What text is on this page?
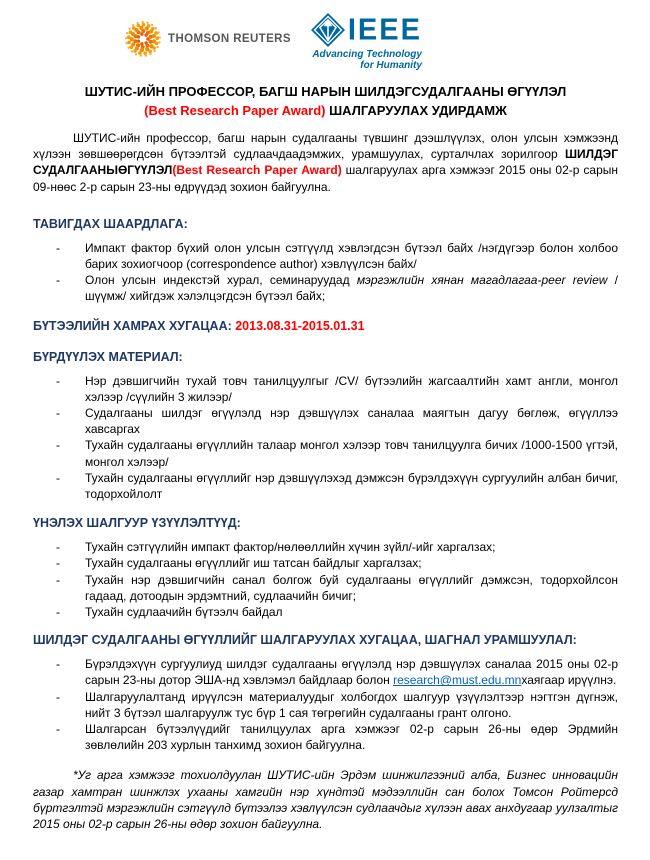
THOMSON REUTERS IEEE
Advancing Technology for Humanity
ШУТИС-ИЙН ПРОФЕССОР, БАГШ НАРЫН ШИЛДЭГСУДАЛГААНЫ ӨГҮҮЛЭЛ
(Best Research Paper Award) ШАЛГАРУУЛАХ УДИРДАМЖ

ШУТИС-ийн профессор, багш нарын судалгааны түвшинг дээшлүүлэх, олон улсын хэмжээнд хүлээн зөвшөөрөгдсөн бүтээлтэй судлаачдаадэмжих, урамшуулах, сурталчлах зорилгоор ШИЛДЭГ СУДАЛГААНЫӨГҮҮЛЭЛ(Best Research Paper Award) шалгаруулах арга хэмжээг 2015 оны 02-р сарын 09-нөөс 2-р сарын 23-ны өдрүүдэд зохион байгуулна.

ТАВИГДАХ ШААРДЛАГА:
-	Импакт фактор бүхий олон улсын сэтгүүлд хэвлэгдсэн бүтээл байх /нэгдүгээр болон холбоо барих зохиогчоор (correspondence author) хэвлүүлсэн байх/
-	Олон улсын индекстэй хурал, семинаруудад мэргэжлийн хянан магадлагаа-peer review /шүүмж/ хийгдэж хэлэлцэгдсэн бүтээл байх;
БҮТЭЭЛИЙН ХАМРАХ ХУГАЦАА: 2013.08.31-2015.01.31
БҮРДҮҮЛЭХ МАТЕРИАЛ:
-	Нэр дэвшигчийн тухай товч танилцуулгыг /CV/ бүтээлийн жагсаалтийн хамт англи, монгол хэлээр /сүүлийн 3 жилээр/
-	Судалгааны шилдэг өгүүлэлд нэр дэвшүүлэх саналаа маягтын дагуу бөглөж, өгүүллээ хавсаргах
-	Тухайн судалгааны өгүүллийн талаар монгол хэлээр товч танилцуулга бичих /1000-1500 үгтэй, монгол хэлээр/
-	Тухайн судалгааны өгүүллийг нэр дэвшүүлэхэд дэмжсэн бүрэлдэхүүн сургуулийн албан бичиг, тодорхойлолт
ҮНЭЛЭХ ШАЛГУУР ҮЗҮҮЛЭЛТҮҮД:
-	Тухайн сэтгүүлийн импакт фактор/нөлөөллийн хүчин зүйл/-ийг харгалзах;
-	Тухайн судалгааны өгүүллийг иш татсан байдлыг харгалзах;
-	Тухайн нэр дэвшигчийн санал болгож буй судалгааны өгүүллийг дэмжсэн, тодорхойлсон гадаад, дотоодын эрдэмтний, судлаачийн бичиг;
-	Тухайн судлаачийн бүтээлч байдал
ШИЛДЭГ СУДАЛГААНЫ ӨГҮҮЛЛИЙГ ШАЛГАРУУЛАХ ХУГАЦАА, ШАГНАЛ УРАМШУУЛАЛ:
-	Бүрэлдэхүүн сургуулиуд шилдэг судалгааны өгүүлэлд нэр дэвшүүлэх саналаа 2015 оны 02-р сарын 23-ны дотор ЭША-нд хэвлэмэл байдлаар болон research@must.edu.mnхаягаар ирүүлнэ.
-	Шалгаруулалтанд ирүүлсэн материалуудыг холбогдох шалгуур үзүүлэлтээр нэгтгэн дүгнэж, нийт 3 бүтээл шалгаруулж тус бүр 1 сая төгрөгийн судалгааны грант олгоно.
-	Шалгарсан бүтээлүүдийг танилцуулах арга хэмжээг 02-р сарын 26-ны өдөр Эрдмийн зөвлөлийн 203 хурлын танхимд зохион байгуулна.

*Уг арга хэмжээг тохиолдуулан ШУТИС-ийн Эрдэм шинжилгээний алба, Бизнес инновацийн газар хамтран шинжлэх ухааны хамгийн нэр хүндтэй мэдээллийн сан болох Томсон Ройтерсд бүртгэлтэй мэргэжлийн сэтгүүлд бүтээлээ хэвлүүлсэн судлаачдыг хүлээн авах анхдугаар уулзалтыг 2015 оны 02-р сарын 26-ны өдөр зохион байгуулна.
